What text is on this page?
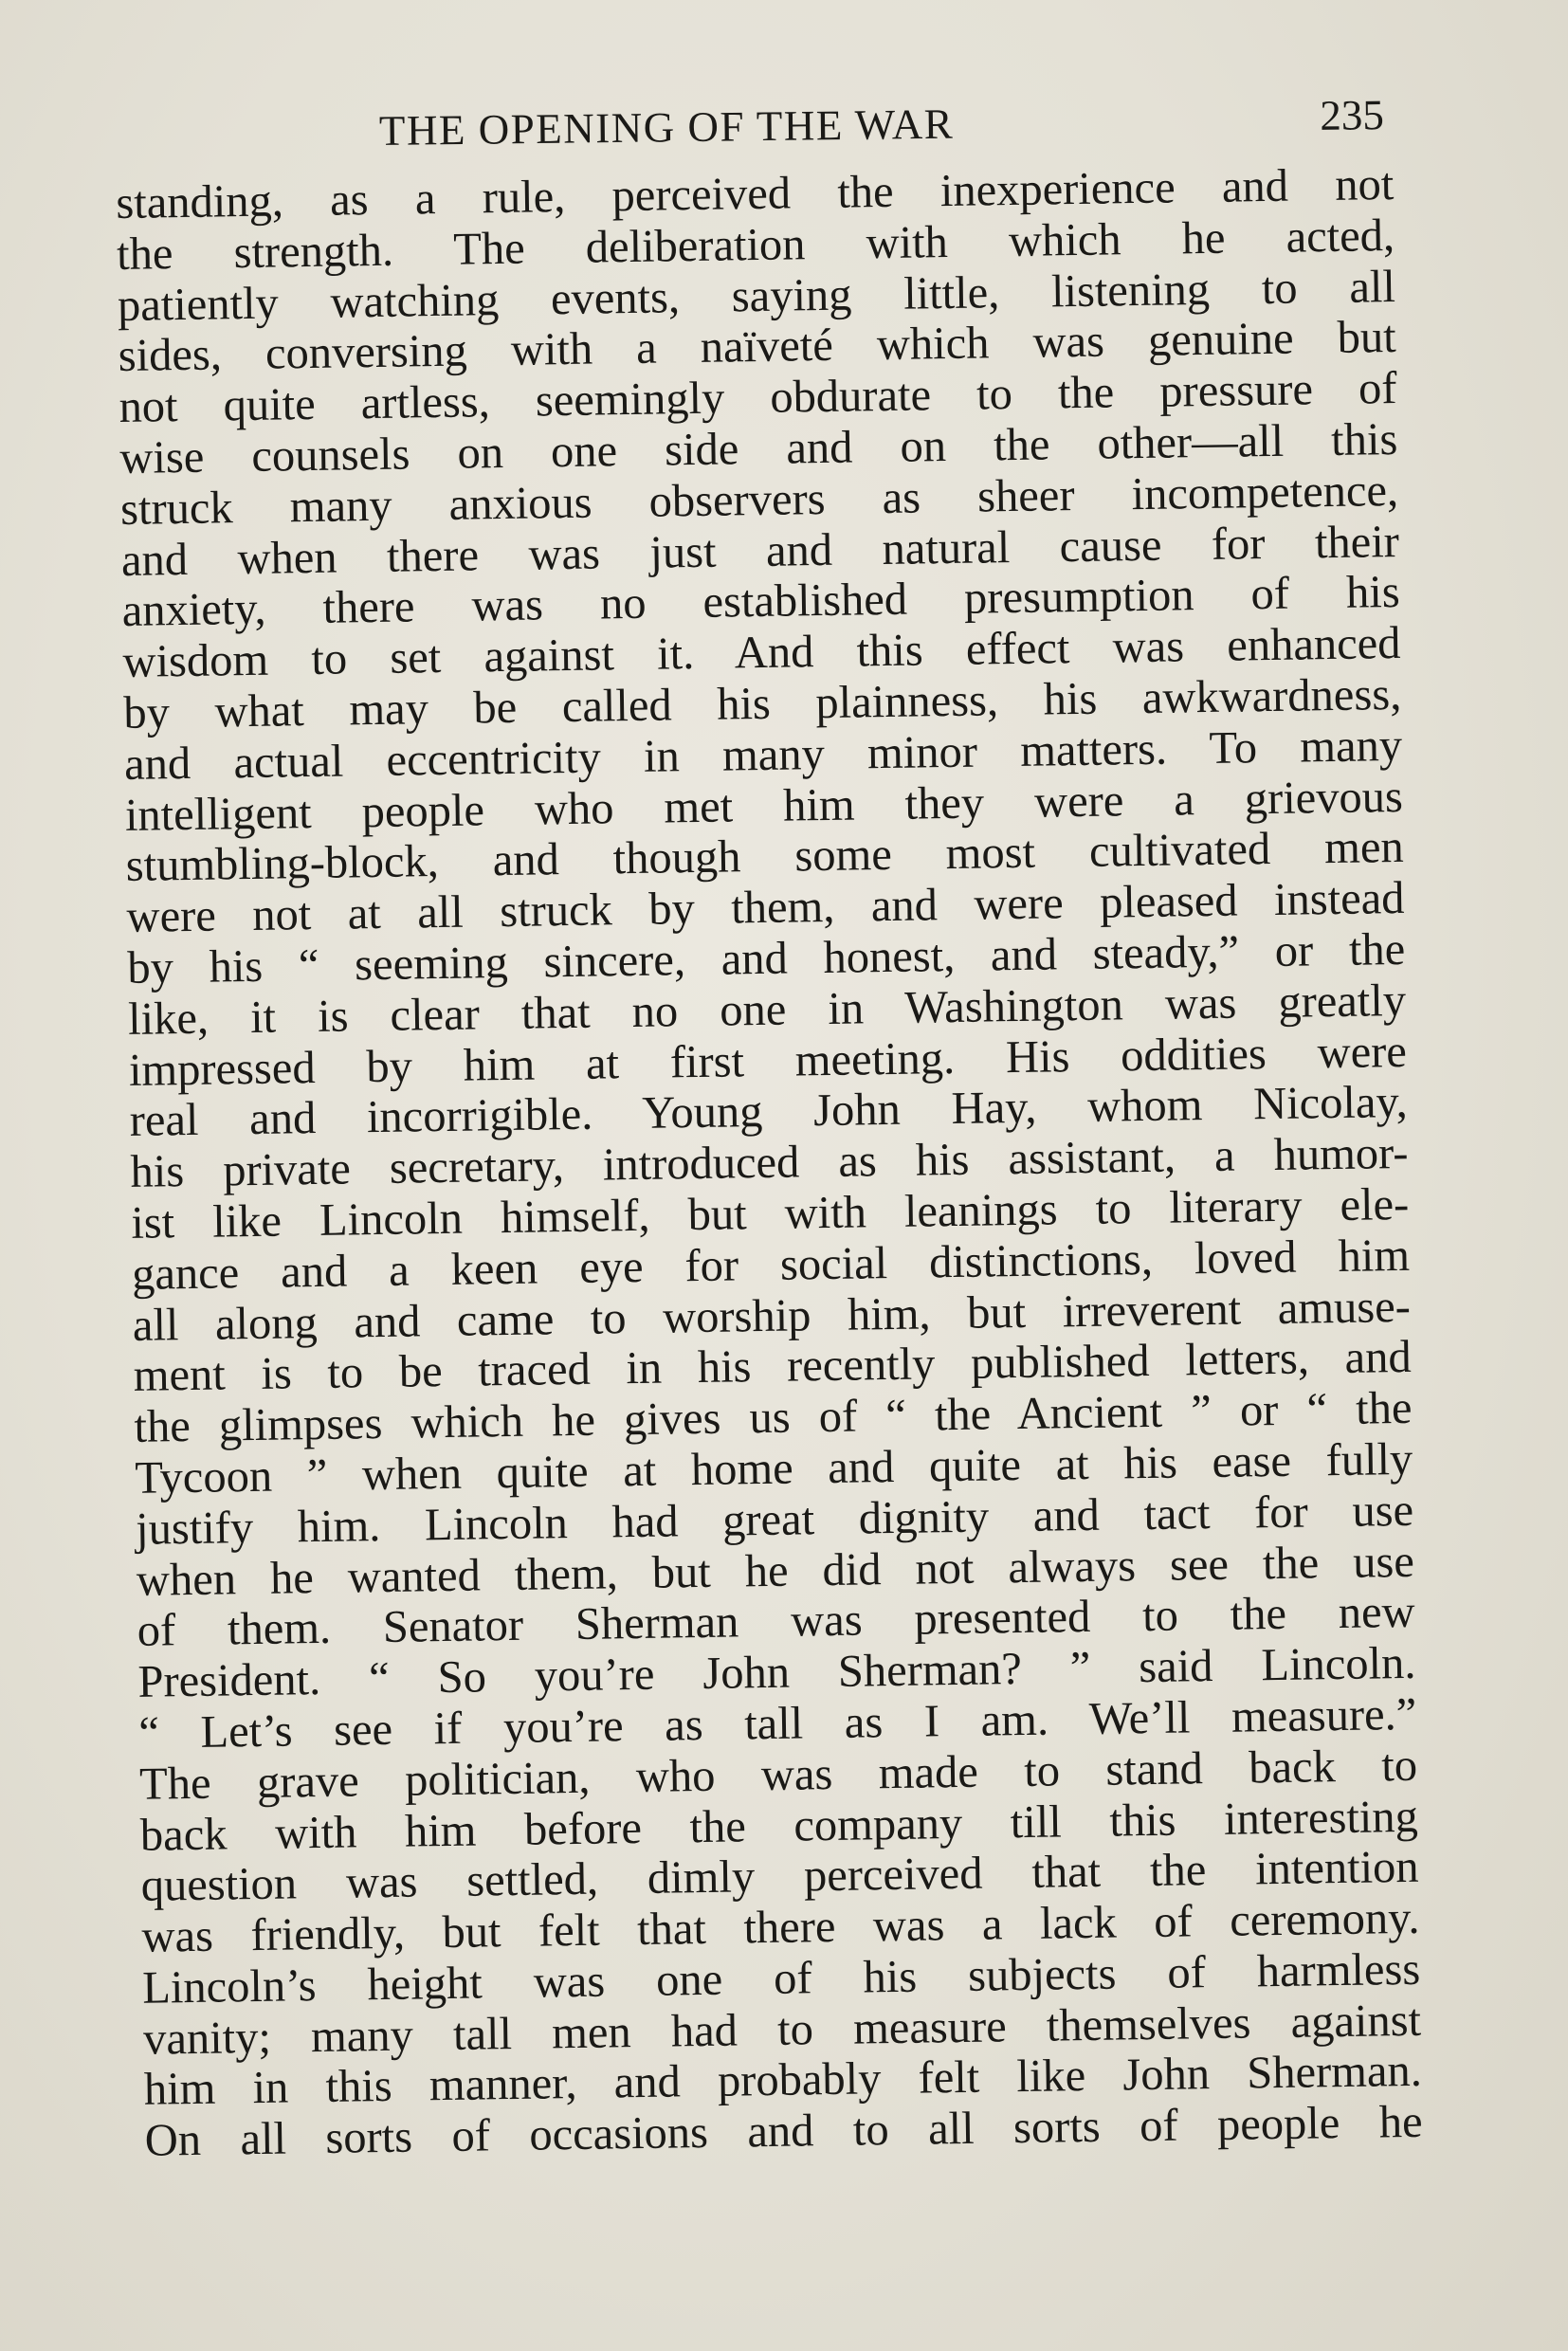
THE OPENING OF THE WAR	235
standing, as a rule, perceived the inexperience and not
the strength. The deliberation with which he acted,
patiently watching events, saying little, listening to all
sides, conversing with a naïveté which was genuine but
not quite artless, seemingly obdurate to the pressure of
wise counsels on one side and on the other—all this
struck many anxious observers as sheer incompetence,
and when there was just and natural cause for their
anxiety, there was no established presumption of his
wisdom to set against it. And this effect was enhanced
by what may be called his plainness, his awkwardness,
and actual eccentricity in many minor matters. To many
intelligent people who met him they were a grievous
stumbling-block, and though some most cultivated men
were not at all struck by them, and were pleased instead
by his “ seeming sincere, and honest, and steady,” or the
like, it is clear that no one in Washington was greatly
impressed by him at first meeting. His oddities were
real and incorrigible. Young John Hay, whom Nicolay,
his private secretary, introduced as his assistant, a humor-
ist like Lincoln himself, but with leanings to literary ele-
gance and a keen eye for social distinctions, loved him
all along and came to worship him, but irreverent amuse-
ment is to be traced in his recently published letters, and
the glimpses which he gives us of “ the Ancient ” or “ the
Tycoon ” when quite at home and quite at his ease fully
justify him. Lincoln had great dignity and tact for use
when he wanted them, but he did not always see the use
of them. Senator Sherman was presented to the new
President. “ So you’re John Sherman? ” said Lincoln.
“ Let’s see if you’re as tall as I am. We’ll measure.”
The grave politician, who was made to stand back to
back with him before the company till this interesting
question was settled, dimly perceived that the intention
was friendly, but felt that there was a lack of ceremony.
Lincoln’s height was one of his subjects of harmless
vanity; many tall men had to measure themselves against
him in this manner, and probably felt like John Sherman.
On all sorts of occasions and to all sorts of people he
